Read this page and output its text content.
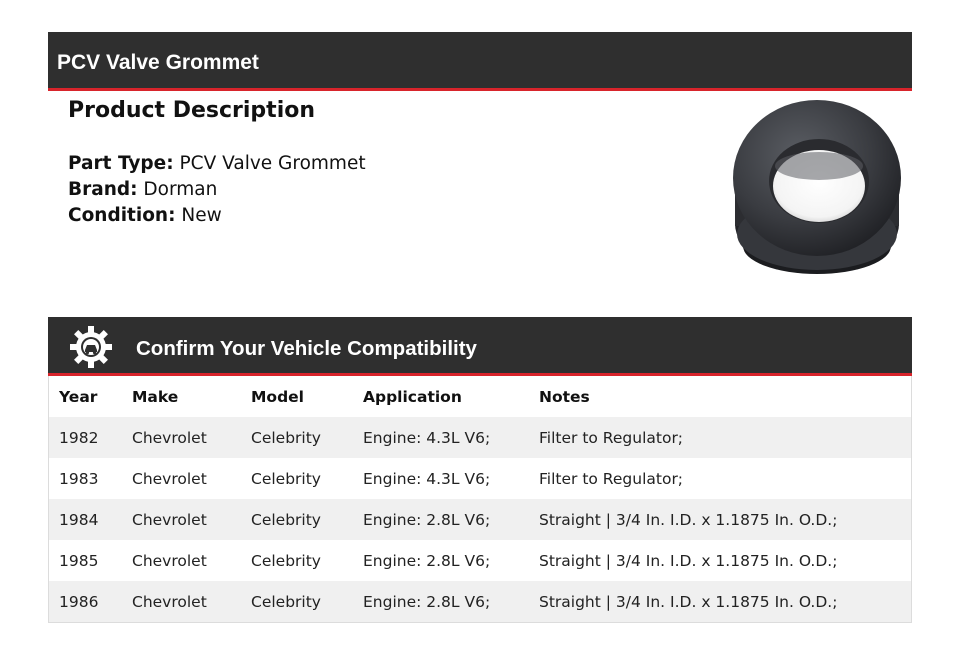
PCV Valve Grommet
Product Description
Part Type: PCV Valve Grommet
Brand: Dorman
Condition: New
Confirm Your Vehicle Compatibility
Year Make	Model	Application	Notes
1982 Chevrolet	Celebrity	Engine: 4.3L V6;	Filter to Regulator;
1983 Chevrolet	Celebrity	Engine: 4.3L V6;	Filter to Regulator;
1984 Chevrolet	Celebrity	Engine: 2.8L V6;	Straight | 3/4 In. I.D. x 1.1875 In. O.D.;
1985 Chevrolet	Celebrity	Engine: 2.8L V6;	Straight | 3/4 In. I.D. x 1.1875 In. O.D.;
1986 Chevrolet	Celebrity	Engine: 2.8L V6;	Straight | 3/4 In. I.D. x 1.1875 In. O.D.;
